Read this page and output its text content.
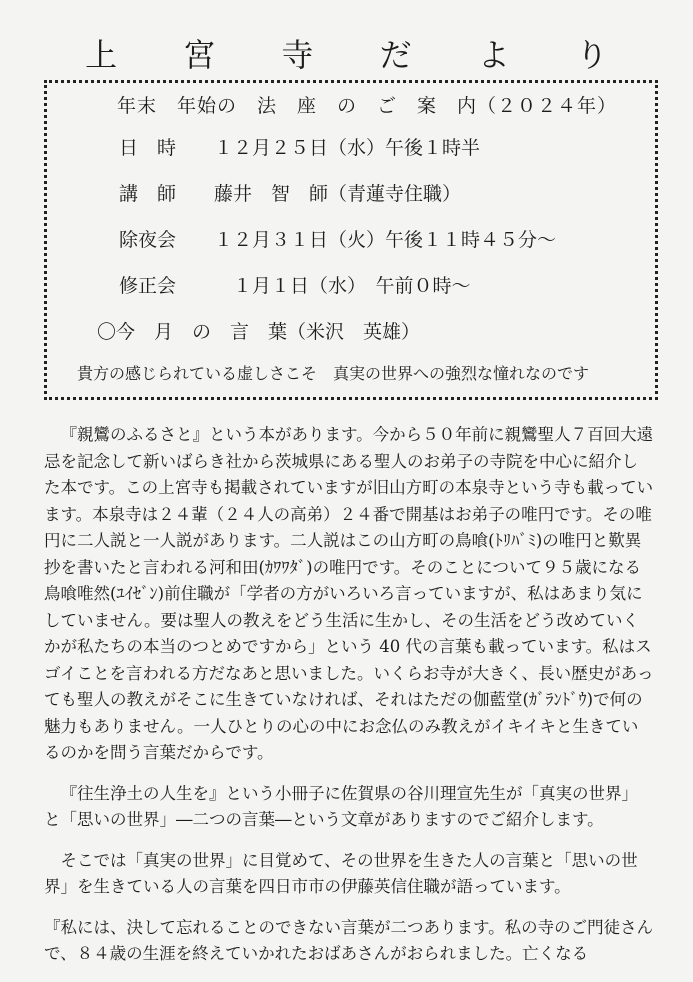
上 宮 寺 だ よ り
年末　年始の　法　座　の　ご　案　内（２０２４年）
日　時 １２月２５日（水）午後１時半
講　師 藤井　智　師（青蓮寺住職）
除夜会 １２月３１日（火）午後１１時４５分～
修正会　１月１日（水）　午前０時～
〇今　月　の　言　葉（米沢　英雄）
貴方の感じられている虚しさこそ　真実の世界への強烈な憧れなのです

『親鸞のふるさと』という本があります。今から５０年前に親鸞聖人７百回大遠忌を記念して新いばらき社から茨城県にある聖人のお弟子の寺院を中心に紹介した本です。この上宮寺も掲載されていますが旧山方町の本泉寺という寺も載っています。本泉寺は２４輩（２４人の高弟）２４番で開基はお弟子の唯円です。その唯円に二人説と一人説があります。二人説はこの山方町の鳥喰(ﾄﾘﾊﾞﾐ)の唯円と歎異抄を書いたと言われる河和田(ｶﾜﾜﾀﾞ)の唯円です。そのことについて９５歳になる鳥喰唯然(ﾕｲｾﾞﾝ)前住職が「学者の方がいろいろ言っていますが、私はあまり気にしていません。要は聖人の教えをどう生活に生かし、その生活をどう改めていくかが私たちの本当のつとめですから」という 40 代の言葉も載っています。私はスゴイことを言われる方だなあと思いました。いくらお寺が大きく、長い歴史があっても聖人の教えがそこに生きていなければ、それはただの伽藍堂(ｶﾞﾗﾝﾄﾞｳ)で何の魅力もありません。一人ひとりの心の中にお念仏のみ教えがイキイキと生きているのかを問う言葉だからです。

『往生浄土の人生を』という小冊子に佐賀県の谷川理宣先生が「真実の世界」と「思いの世界」―二つの言葉―という文章がありますのでご紹介します。

そこでは「真実の世界」に目覚めて、その世界を生きた人の言葉と「思いの世界」を生きている人の言葉を四日市市の伊藤英信住職が語っています。

『私には、決して忘れることのできない言葉が二つあります。私の寺のご門徒さんで、８４歳の生涯を終えていかれたおばあさんがおられました。亡くなる
